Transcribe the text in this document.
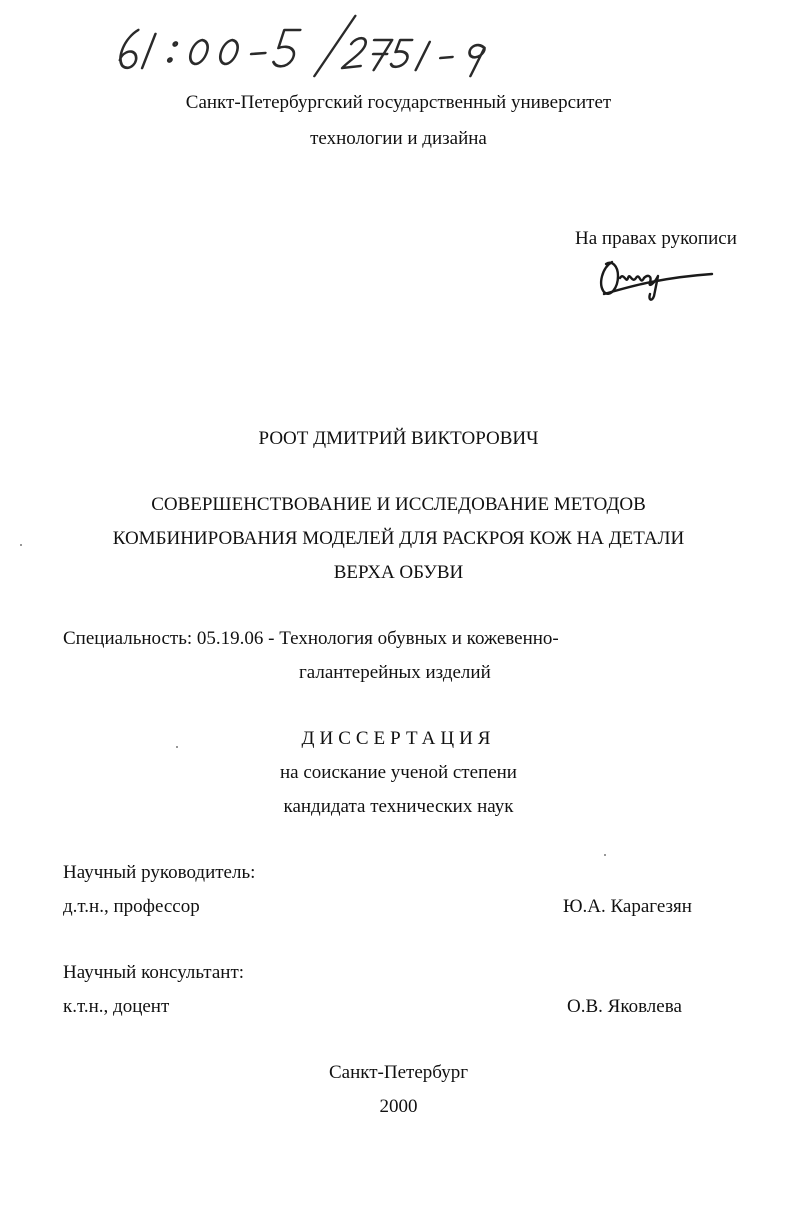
Санкт-Петербургский государственный университет
технологии и дизайна
На правах рукописи
РООТ ДМИТРИЙ ВИКТОРОВИЧ
СОВЕРШЕНСТВОВАНИЕ И ИССЛЕДОВАНИЕ МЕТОДОВ
КОМБИНИРОВАНИЯ МОДЕЛЕЙ ДЛЯ РАСКРОЯ КОЖ НА ДЕТАЛИ
ВЕРХА ОБУВИ
Специальность: 05.19.06 - Технология обувных и кожевенно-
галантерейных изделий
ДИССЕРТАЦИЯ
на соискание ученой степени
кандидата технических наук
Научный руководитель:
д.т.н., профессор	Ю.А. Карагезян
Научный консультант:
к.т.н., доцент	О.В. Яковлева
Санкт-Петербург
2000
